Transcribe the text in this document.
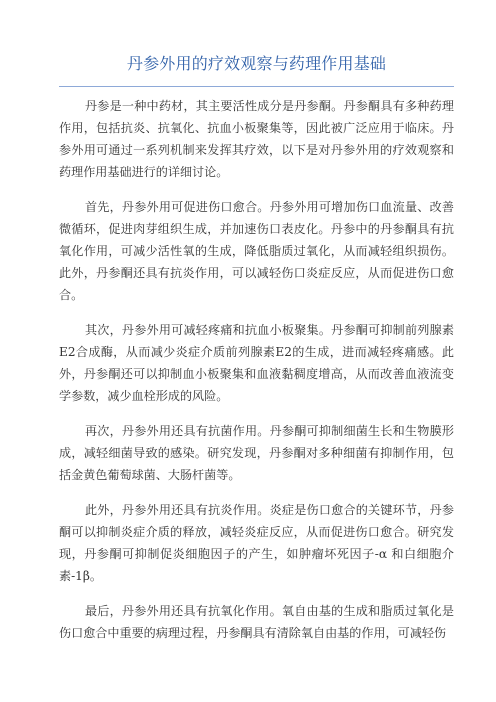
丹参外用的疗效观察与药理作用基础

丹参是一种中药材，其主要活性成分是丹参酮。丹参酮具有多种药理作用，包括抗炎、抗氧化、抗血小板聚集等，因此被广泛应用于临床。丹参外用可通过一系列机制来发挥其疗效，以下是对丹参外用的疗效观察和药理作用基础进行的详细讨论。

首先，丹参外用可促进伤口愈合。丹参外用可增加伤口血流量、改善微循环，促进肉芽组织生成，并加速伤口表皮化。丹参中的丹参酮具有抗氧化作用，可减少活性氧的生成，降低脂质过氧化，从而减轻组织损伤。此外，丹参酮还具有抗炎作用，可以减轻伤口炎症反应，从而促进伤口愈合。

其次，丹参外用可减轻疼痛和抗血小板聚集。丹参酮可抑制前列腺素E2合成酶，从而减少炎症介质前列腺素E2的生成，进而减轻疼痛感。此外，丹参酮还可以抑制血小板聚集和血液黏稠度增高，从而改善血液流变学参数，减少血栓形成的风险。

再次，丹参外用还具有抗菌作用。丹参酮可抑制细菌生长和生物膜形成，减轻细菌导致的感染。研究发现，丹参酮对多种细菌有抑制作用，包括金黄色葡萄球菌、大肠杆菌等。

此外，丹参外用还具有抗炎作用。炎症是伤口愈合的关键环节，丹参酮可以抑制炎症介质的释放，减轻炎症反应，从而促进伤口愈合。研究发现，丹参酮可抑制促炎细胞因子的产生，如肿瘤坏死因子-α 和白细胞介素-1β。

最后，丹参外用还具有抗氧化作用。氧自由基的生成和脂质过氧化是伤口愈合中重要的病理过程，丹参酮具有清除氧自由基的作用，可减轻伤
